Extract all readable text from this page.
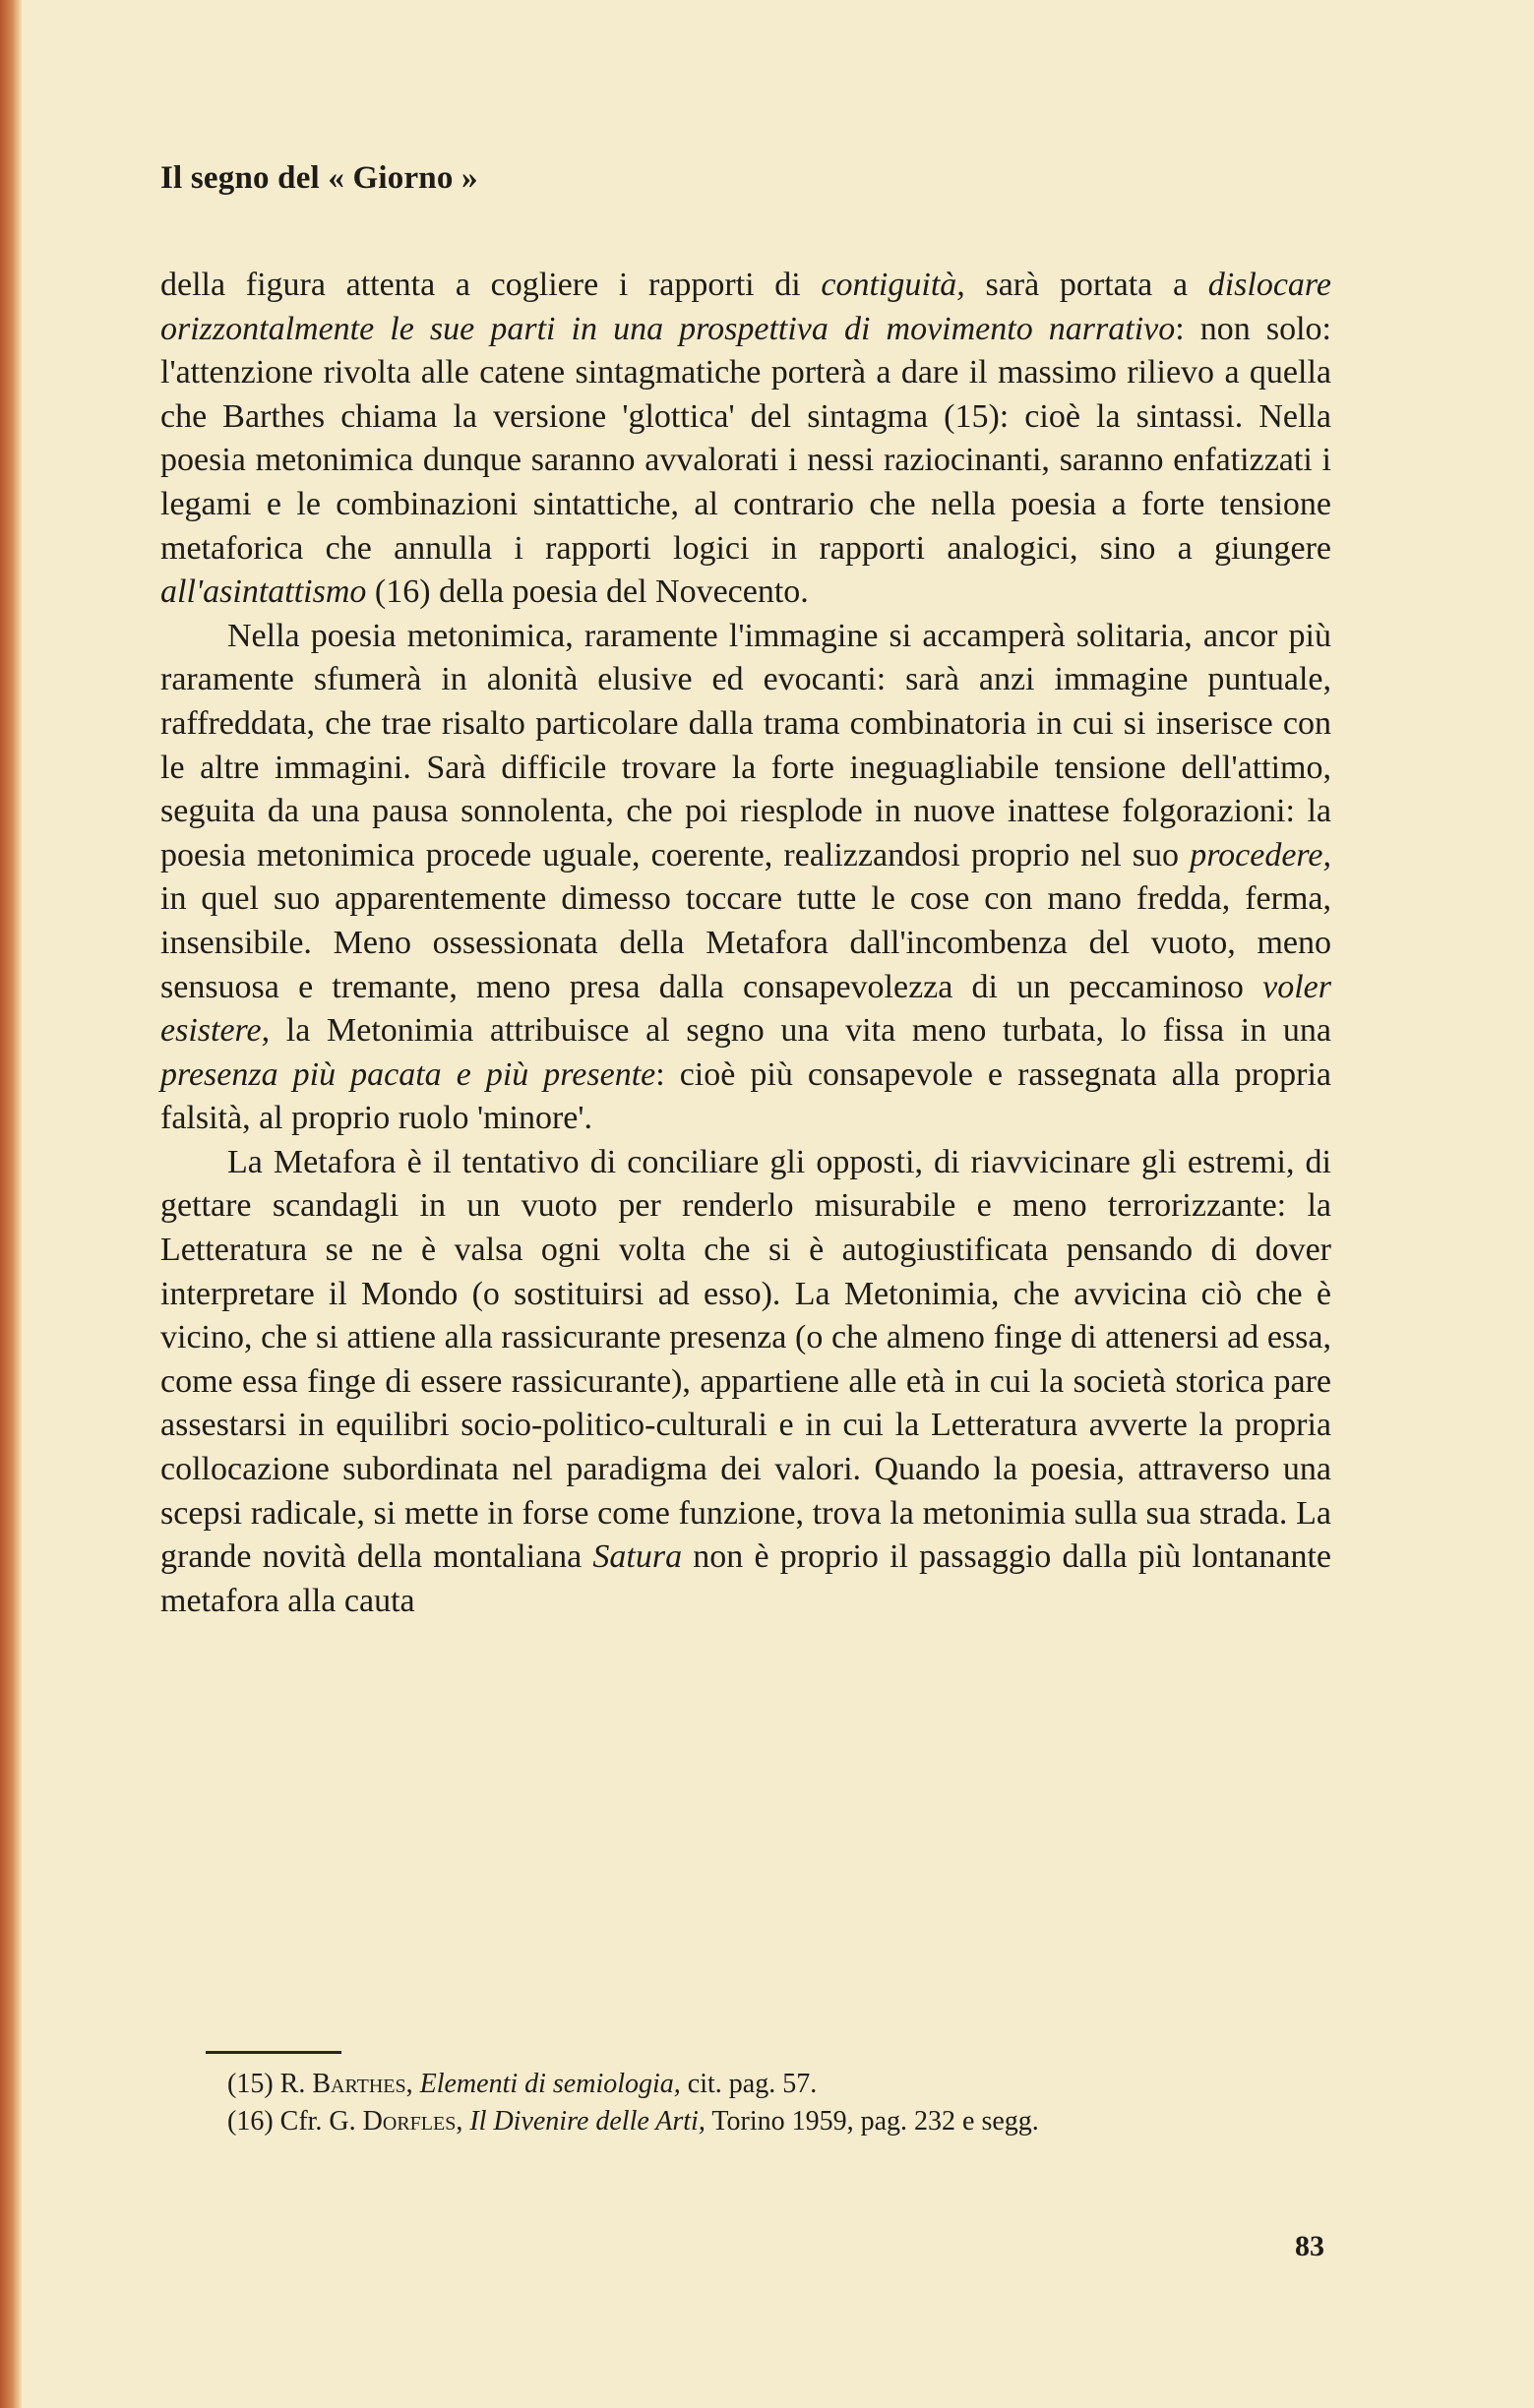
Il segno del « Giorno »

della figura attenta a cogliere i rapporti di contiguità, sarà portata a dislocare orizzontalmente le sue parti in una prospettiva di movimento narrativo: non solo: l'attenzione rivolta alle catene sintagmatiche porterà a dare il massimo rilievo a quella che Barthes chiama la versione 'glottica' del sintagma (15): cioè la sintassi. Nella poesia metonimica dunque saranno avvalorati i nessi raziocinanti, saranno enfatizzati i legami e le combinazioni sintattiche, al contrario che nella poesia a forte tensione metaforica che annulla i rapporti logici in rapporti analogici, sino a giungere all'asintattismo (16) della poesia del Novecento.

Nella poesia metonimica, raramente l'immagine si accamperà solitaria, ancor più raramente sfumerà in alonità elusive ed evocanti: sarà anzi immagine puntuale, raffreddata, che trae risalto particolare dalla trama combinatoria in cui si inserisce con le altre immagini. Sarà difficile trovare la forte ineguagliabile tensione dell'attimo, seguita da una pausa sonnolenta, che poi riesplode in nuove inattese folgorazioni: la poesia metonimica procede uguale, coerente, realizzandosi proprio nel suo procedere, in quel suo apparentemente dimesso toccare tutte le cose con mano fredda, ferma, insensibile. Meno ossessionata della Metafora dall'incombenza del vuoto, meno sensuosa e tremante, meno presa dalla consapevolezza di un peccaminoso voler esistere, la Metonimia attribuisce al segno una vita meno turbata, lo fissa in una presenza più pacata e più presente: cioè più consapevole e rassegnata alla propria falsità, al proprio ruolo 'minore'.

La Metafora è il tentativo di conciliare gli opposti, di riavvicinare gli estremi, di gettare scandagli in un vuoto per renderlo misurabile e meno terrorizzante: la Letteratura se ne è valsa ogni volta che si è autogiustificata pensando di dover interpretare il Mondo (o sostituirsi ad esso). La Metonimia, che avvicina ciò che è vicino, che si attiene alla rassicurante presenza (o che almeno finge di attenersi ad essa, come essa finge di essere rassicurante), appartiene alle età in cui la società storica pare assestarsi in equilibri socio-politico-culturali e in cui la Letteratura avverte la propria collocazione subordinata nel paradigma dei valori. Quando la poesia, attraverso una scepsi radicale, si mette in forse come funzione, trova la metonimia sulla sua strada. La grande novità della montaliana Satura non è proprio il passaggio dalla più lontanante metafora alla cauta

(15) R. Barthes, Elementi di semiologia, cit. pag. 57.

(16) Cfr. G. Dorfles, Il Divenire delle Arti, Torino 1959, pag. 232 e segg.

83
